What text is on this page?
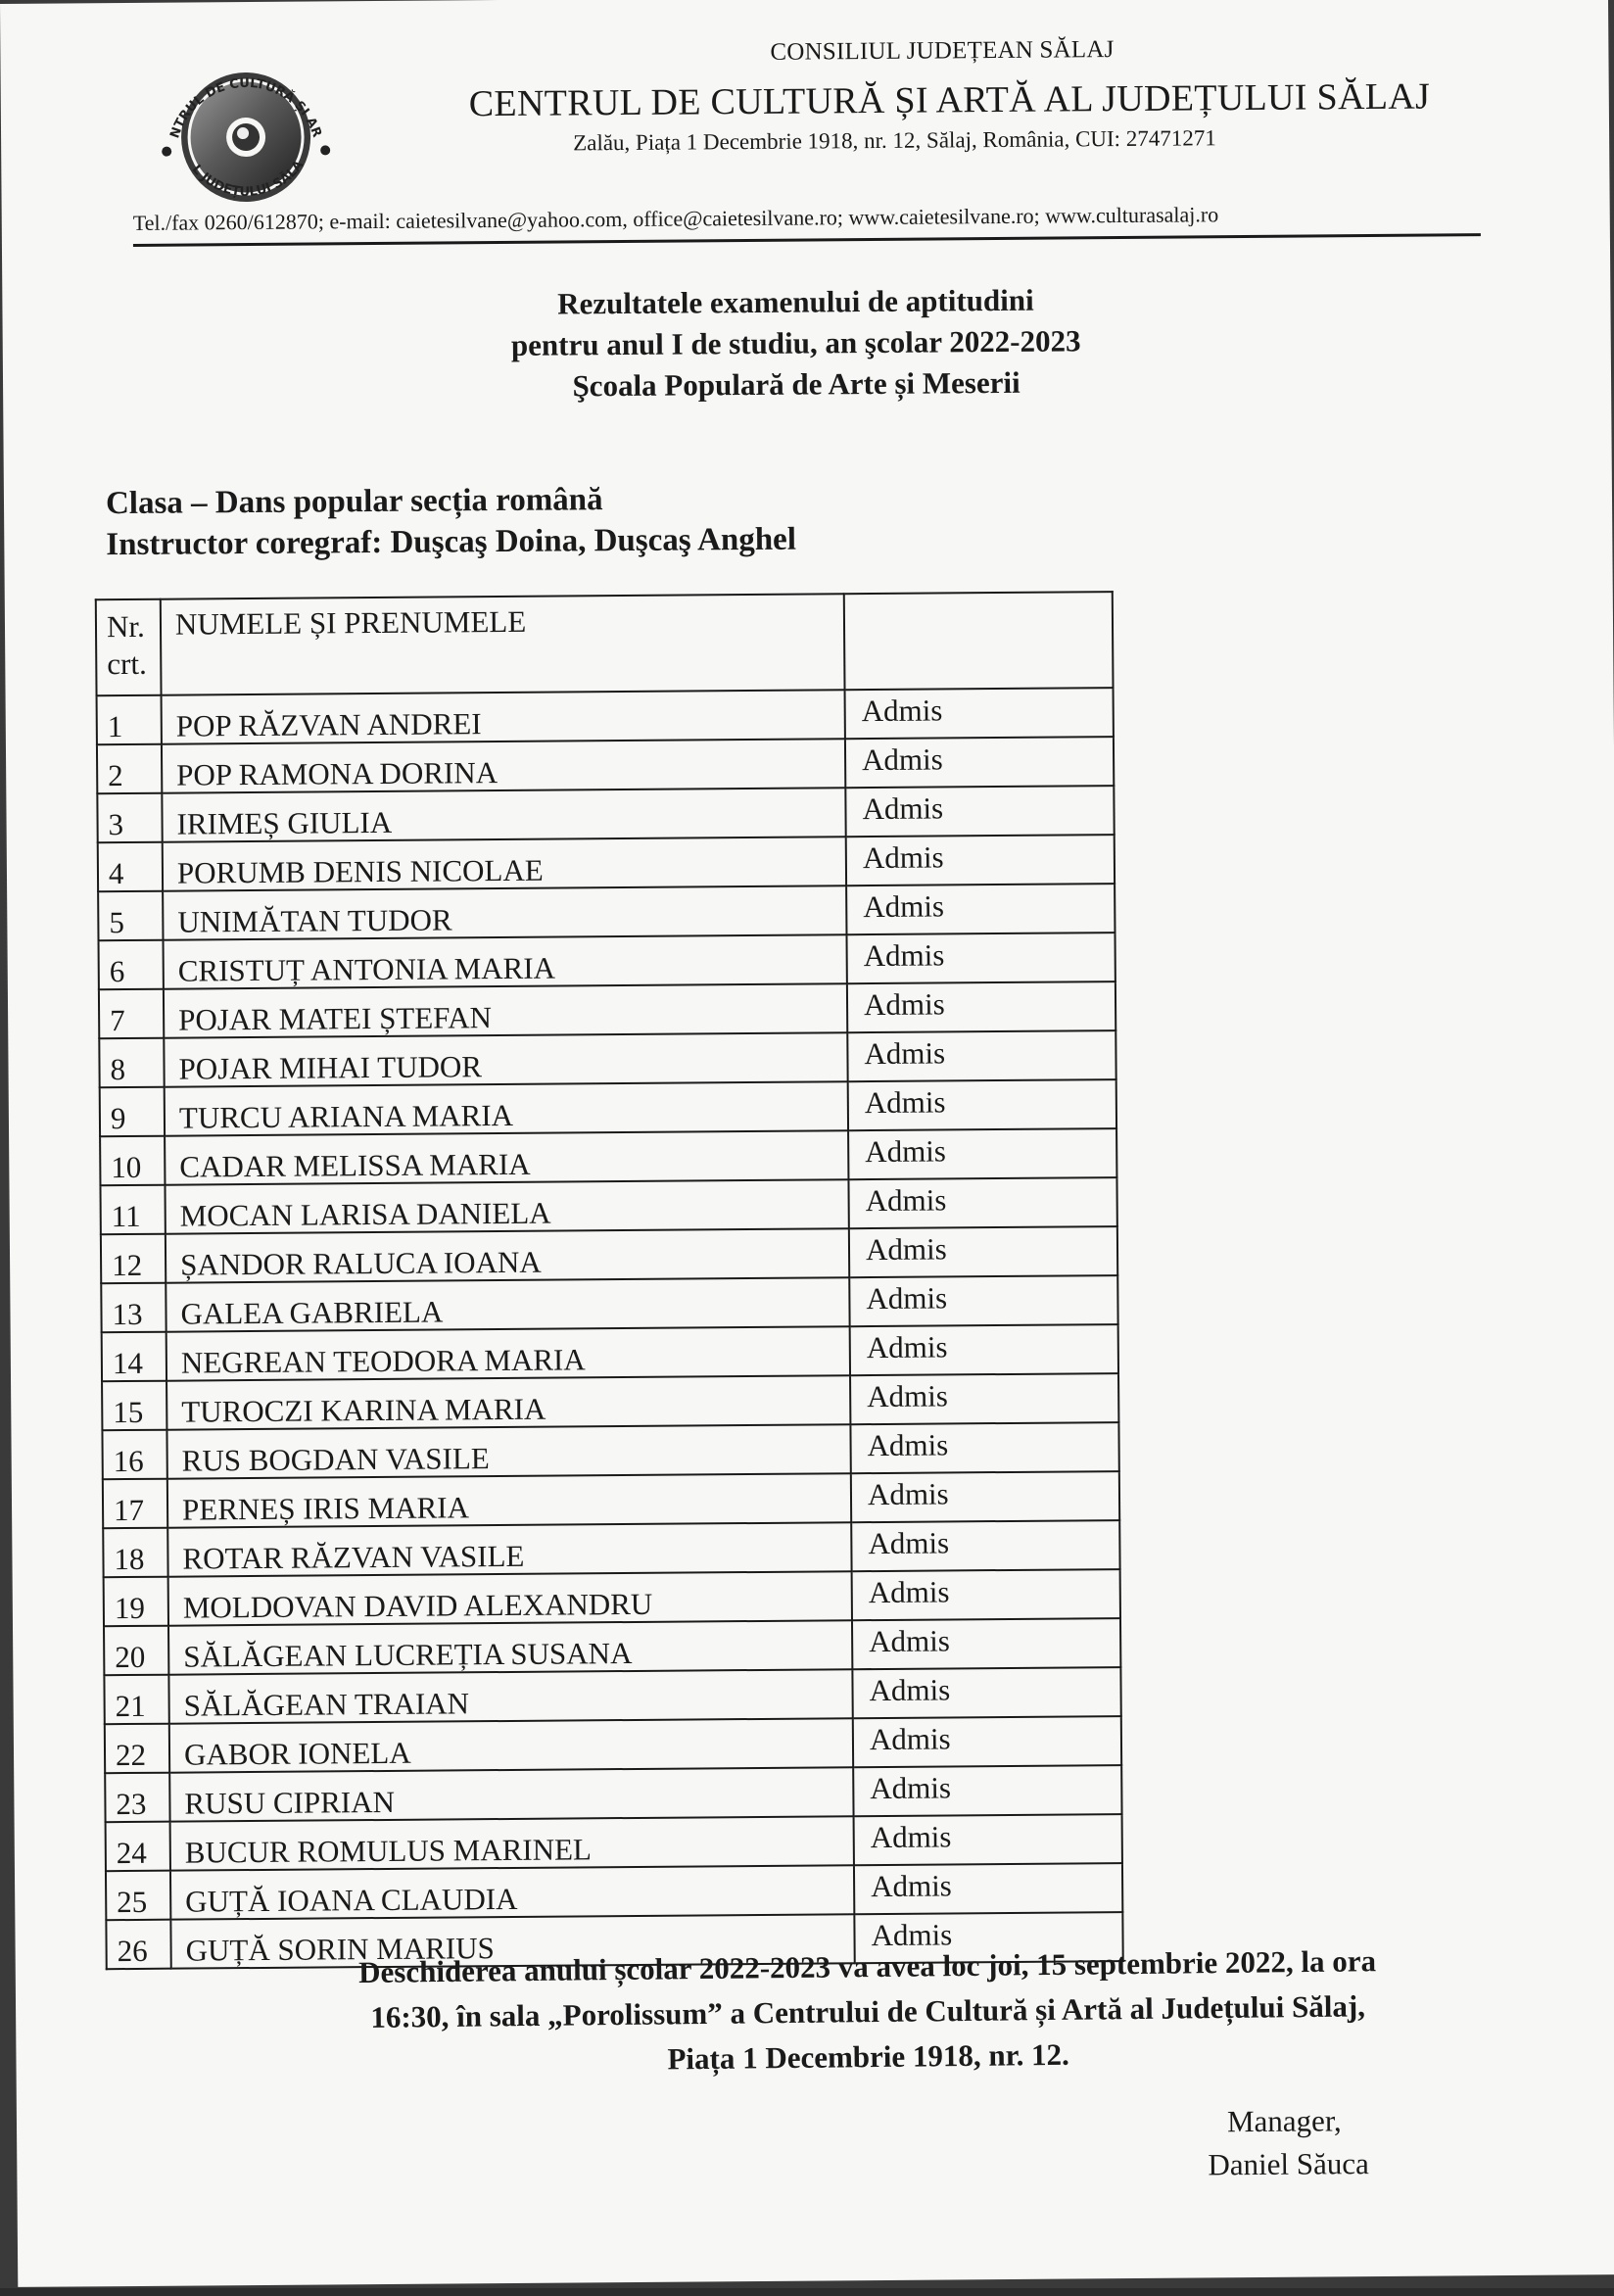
CENTRUL DE CULTURĂ ȘI ARTĂ
AL JUDEȚULUI SĂLAJ
CONSILIUL JUDEȚEAN SĂLAJ
CENTRUL DE CULTURĂ ȘI ARTĂ AL JUDEȚULUI SĂLAJ
Zalău, Piața 1 Decembrie 1918, nr. 12, Sălaj, România, CUI: 27471271
Tel./fax 0260/612870; e-mail: caietesilvane@yahoo.com, office@caietesilvane.ro; www.caietesilvane.ro; www.culturasalaj.ro
Rezultatele examenului de aptitudini
pentru anul I de studiu, an şcolar 2022-2023
Şcoala Populară de Arte și Meserii
Clasa – Dans popular secția română
Instructor coregraf: Duşcaş Doina, Duşcaş Anghel
Nr.
crt.	NUMELE ȘI PRENUMELE	
1	POP RĂZVAN ANDREI	Admis
2	POP RAMONA DORINA	Admis
3	IRIMEȘ GIULIA	Admis
4	PORUMB DENIS NICOLAE	Admis
5	UNIMĂTAN TUDOR	Admis
6	CRISTUȚ ANTONIA MARIA	Admis
7	POJAR MATEI ȘTEFAN	Admis
8	POJAR MIHAI TUDOR	Admis
9	TURCU ARIANA MARIA	Admis
10	CADAR MELISSA MARIA	Admis
11	MOCAN LARISA DANIELA	Admis
12	ȘANDOR RALUCA IOANA	Admis
13	GALEA GABRIELA	Admis
14	NEGREAN TEODORA MARIA	Admis
15	TUROCZI KARINA MARIA	Admis
16	RUS BOGDAN VASILE	Admis
17	PERNEȘ IRIS MARIA	Admis
18	ROTAR RĂZVAN VASILE	Admis
19	MOLDOVAN DAVID ALEXANDRU	Admis
20	SĂLĂGEAN LUCREȚIA SUSANA	Admis
21	SĂLĂGEAN TRAIAN	Admis
22	GABOR IONELA	Admis
23	RUSU CIPRIAN	Admis
24	BUCUR ROMULUS MARINEL	Admis
25	GUȚĂ IOANA CLAUDIA	Admis
26	GUȚĂ SORIN MARIUS	Admis
Deschiderea anului școlar 2022-2023 va avea loc joi, 15 septembrie 2022, la ora
16:30, în sala „Porolissum” a Centrului de Cultură și Artă al Județului Sălaj,
Piața 1 Decembrie 1918, nr. 12.
Manager,
Daniel Săuca
